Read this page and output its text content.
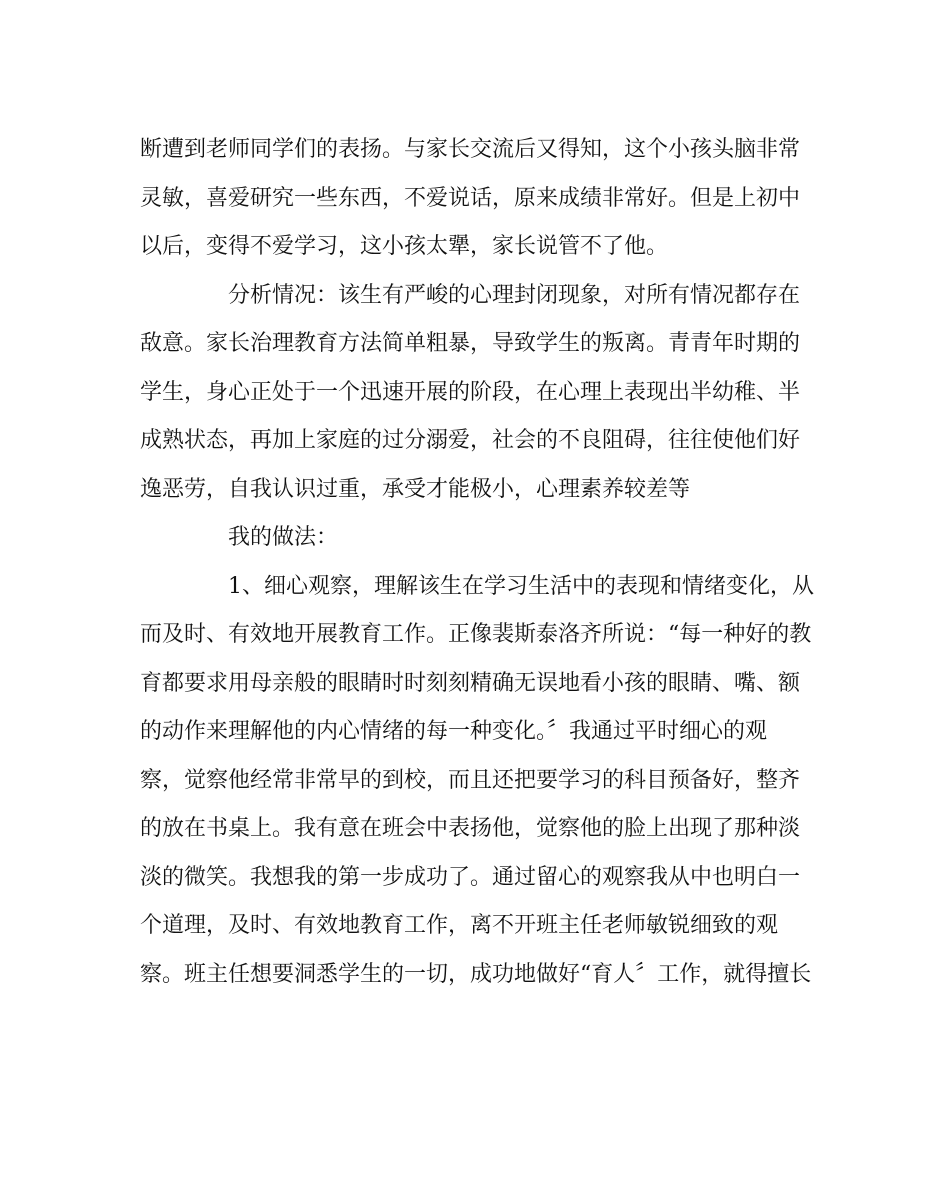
断遭到老师同学们的表扬。与家长交流后又得知，这个小孩头脑非常
灵敏，喜爱研究一些东西，不爱说话，原来成绩非常好。但是上初中
以后，变得不爱学习，这小孩太犟，家长说管不了他。
分析情况：该生有严峻的心理封闭现象，对所有情况都存在
敌意。家长治理教育方法简单粗暴，导致学生的叛离。青青年时期的
学生，身心正处于一个迅速开展的阶段，在心理上表现出半幼稚、半
成熟状态，再加上家庭的过分溺爱，社会的不良阻碍，往往使他们好
逸恶劳，自我认识过重，承受才能极小，心理素养较差等
我的做法：
1、细心观察，理解该生在学习生活中的表现和情绪变化，从
而及时、有效地开展教育工作。正像裴斯泰洛齐所说：“每一种好的教
育都要求用母亲般的眼睛时时刻刻精确无误地看小孩的眼睛、嘴、额
的动作来理解他的内心情绪的每一种变化。〞我通过平时细心的观
察，觉察他经常非常早的到校，而且还把要学习的科目预备好，整齐
的放在书桌上。我有意在班会中表扬他，觉察他的脸上出现了那种淡
淡的微笑。我想我的第一步成功了。通过留心的观察我从中也明白一
个道理，及时、有效地教育工作，离不开班主任老师敏锐细致的观
察。班主任想要洞悉学生的一切，成功地做好“育人〞工作，就得擅长
